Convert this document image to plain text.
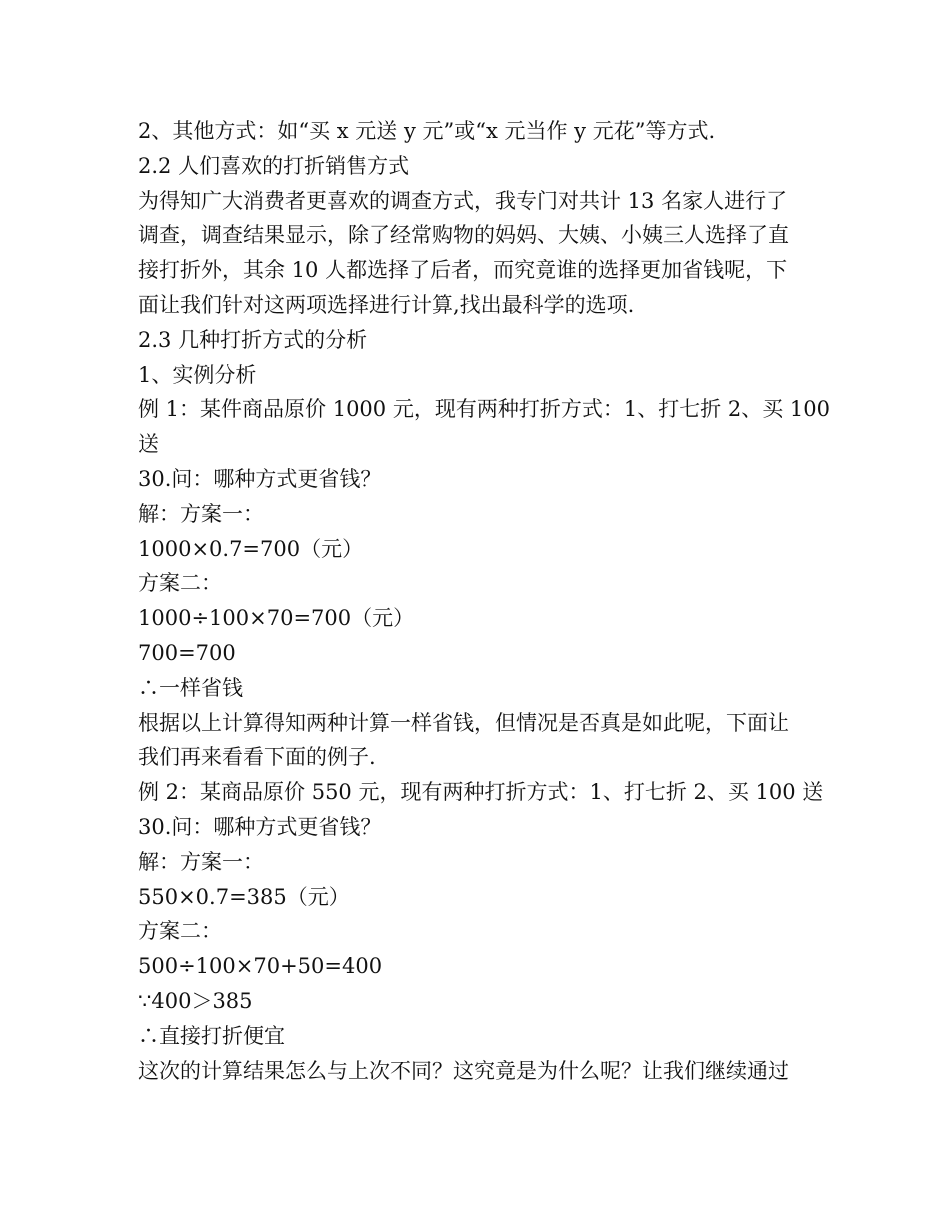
2、其他方式：如“买 x 元送 y 元”或“x 元当作 y 元花”等方式.
2.2 人们喜欢的打折销售方式
为得知广大消费者更喜欢的调查方式，我专门对共计 13 名家人进行了
调查，调查结果显示，除了经常购物的妈妈、大姨、小姨三人选择了直
接打折外，其余 10 人都选择了后者，而究竟谁的选择更加省钱呢，下
面让我们针对这两项选择进行计算,找出最科学的选项.
2.3 几种打折方式的分析
1、实例分析
例 1：某件商品原价 1000 元，现有两种打折方式：1、打七折 2、买 100
送
30.问：哪种方式更省钱？
解：方案一：
1000×0.7=700（元）
方案二：
1000÷100×70=700（元）
700=700
∴一样省钱
根据以上计算得知两种计算一样省钱，但情况是否真是如此呢，下面让
我们再来看看下面的例子.
例 2：某商品原价 550 元，现有两种打折方式：1、打七折 2、买 100 送
30.问：哪种方式更省钱？
解：方案一：
550×0.7=385（元）
方案二：
500÷100×70+50=400
∵400＞385
∴直接打折便宜
这次的计算结果怎么与上次不同？这究竟是为什么呢？让我们继续通过
